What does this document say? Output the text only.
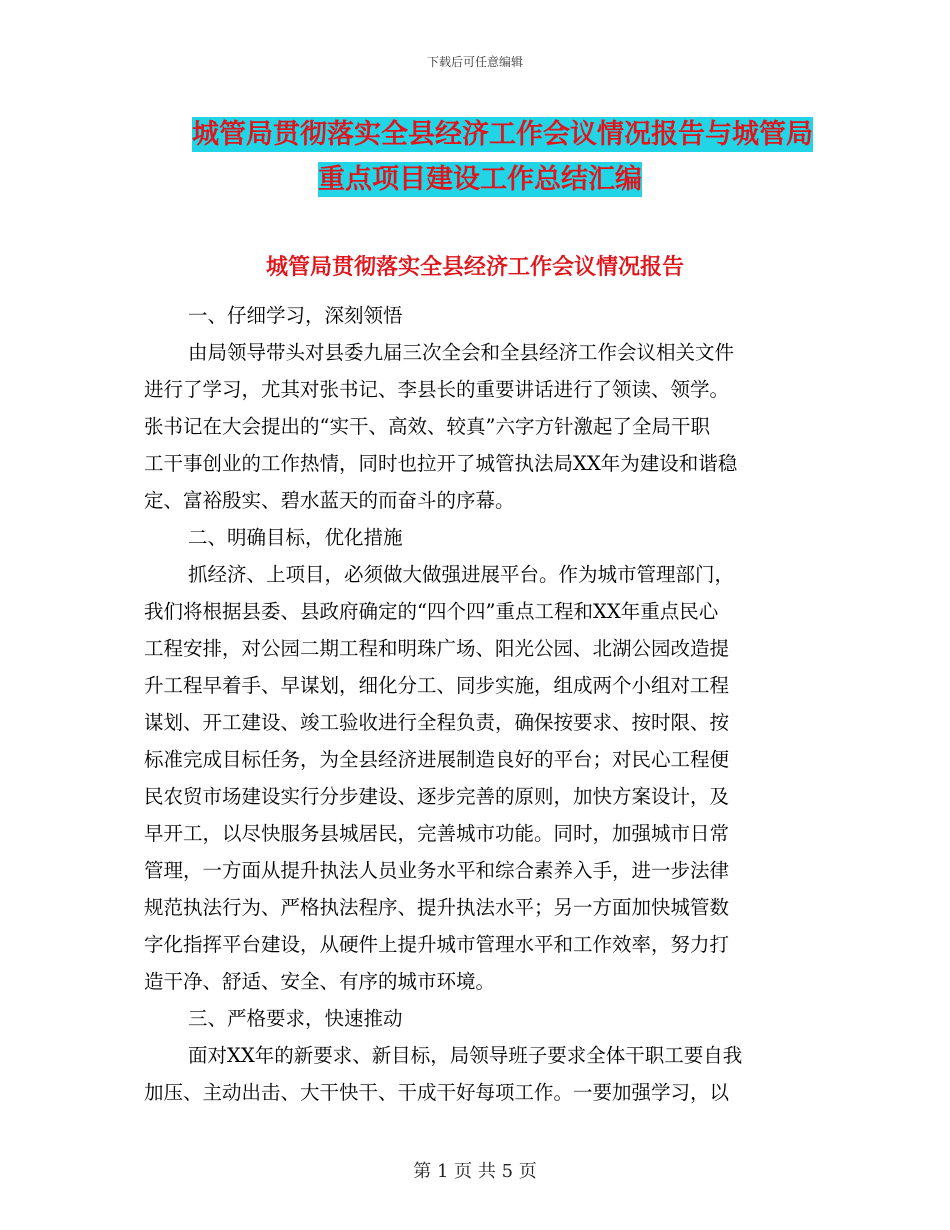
下载后可任意编辑
城管局贯彻落实全县经济工作会议情况报告与城管局
重点项目建设工作总结汇编
城管局贯彻落实全县经济工作会议情况报告
一、仔细学习，深刻领悟
由局领导带头对县委九届三次全会和全县经济工作会议相关文件
进行了学习，尤其对张书记、李县长的重要讲话进行了领读、领学。
张书记在大会提出的“实干、高效、较真”六字方针激起了全局干职
工干事创业的工作热情，同时也拉开了城管执法局XX年为建设和谐稳
定、富裕殷实、碧水蓝天的而奋斗的序幕。
二、明确目标，优化措施
抓经济、上项目，必须做大做强进展平台。作为城市管理部门，
我们将根据县委、县政府确定的“四个四”重点工程和XX年重点民心
工程安排，对公园二期工程和明珠广场、阳光公园、北湖公园改造提
升工程早着手、早谋划，细化分工、同步实施，组成两个小组对工程
谋划、开工建设、竣工验收进行全程负责，确保按要求、按时限、按
标准完成目标任务，为全县经济进展制造良好的平台；对民心工程便
民农贸市场建设实行分步建设、逐步完善的原则，加快方案设计，及
早开工，以尽快服务县城居民，完善城市功能。同时，加强城市日常
管理，一方面从提升执法人员业务水平和综合素养入手，进一步法律
规范执法行为、严格执法程序、提升执法水平；另一方面加快城管数
字化指挥平台建设，从硬件上提升城市管理水平和工作效率，努力打
造干净、舒适、安全、有序的城市环境。
三、严格要求，快速推动
面对XX年的新要求、新目标，局领导班子要求全体干职工要自我
加压、主动出击、大干快干、干成干好每项工作。一要加强学习，以
第 1 页 共 5 页
